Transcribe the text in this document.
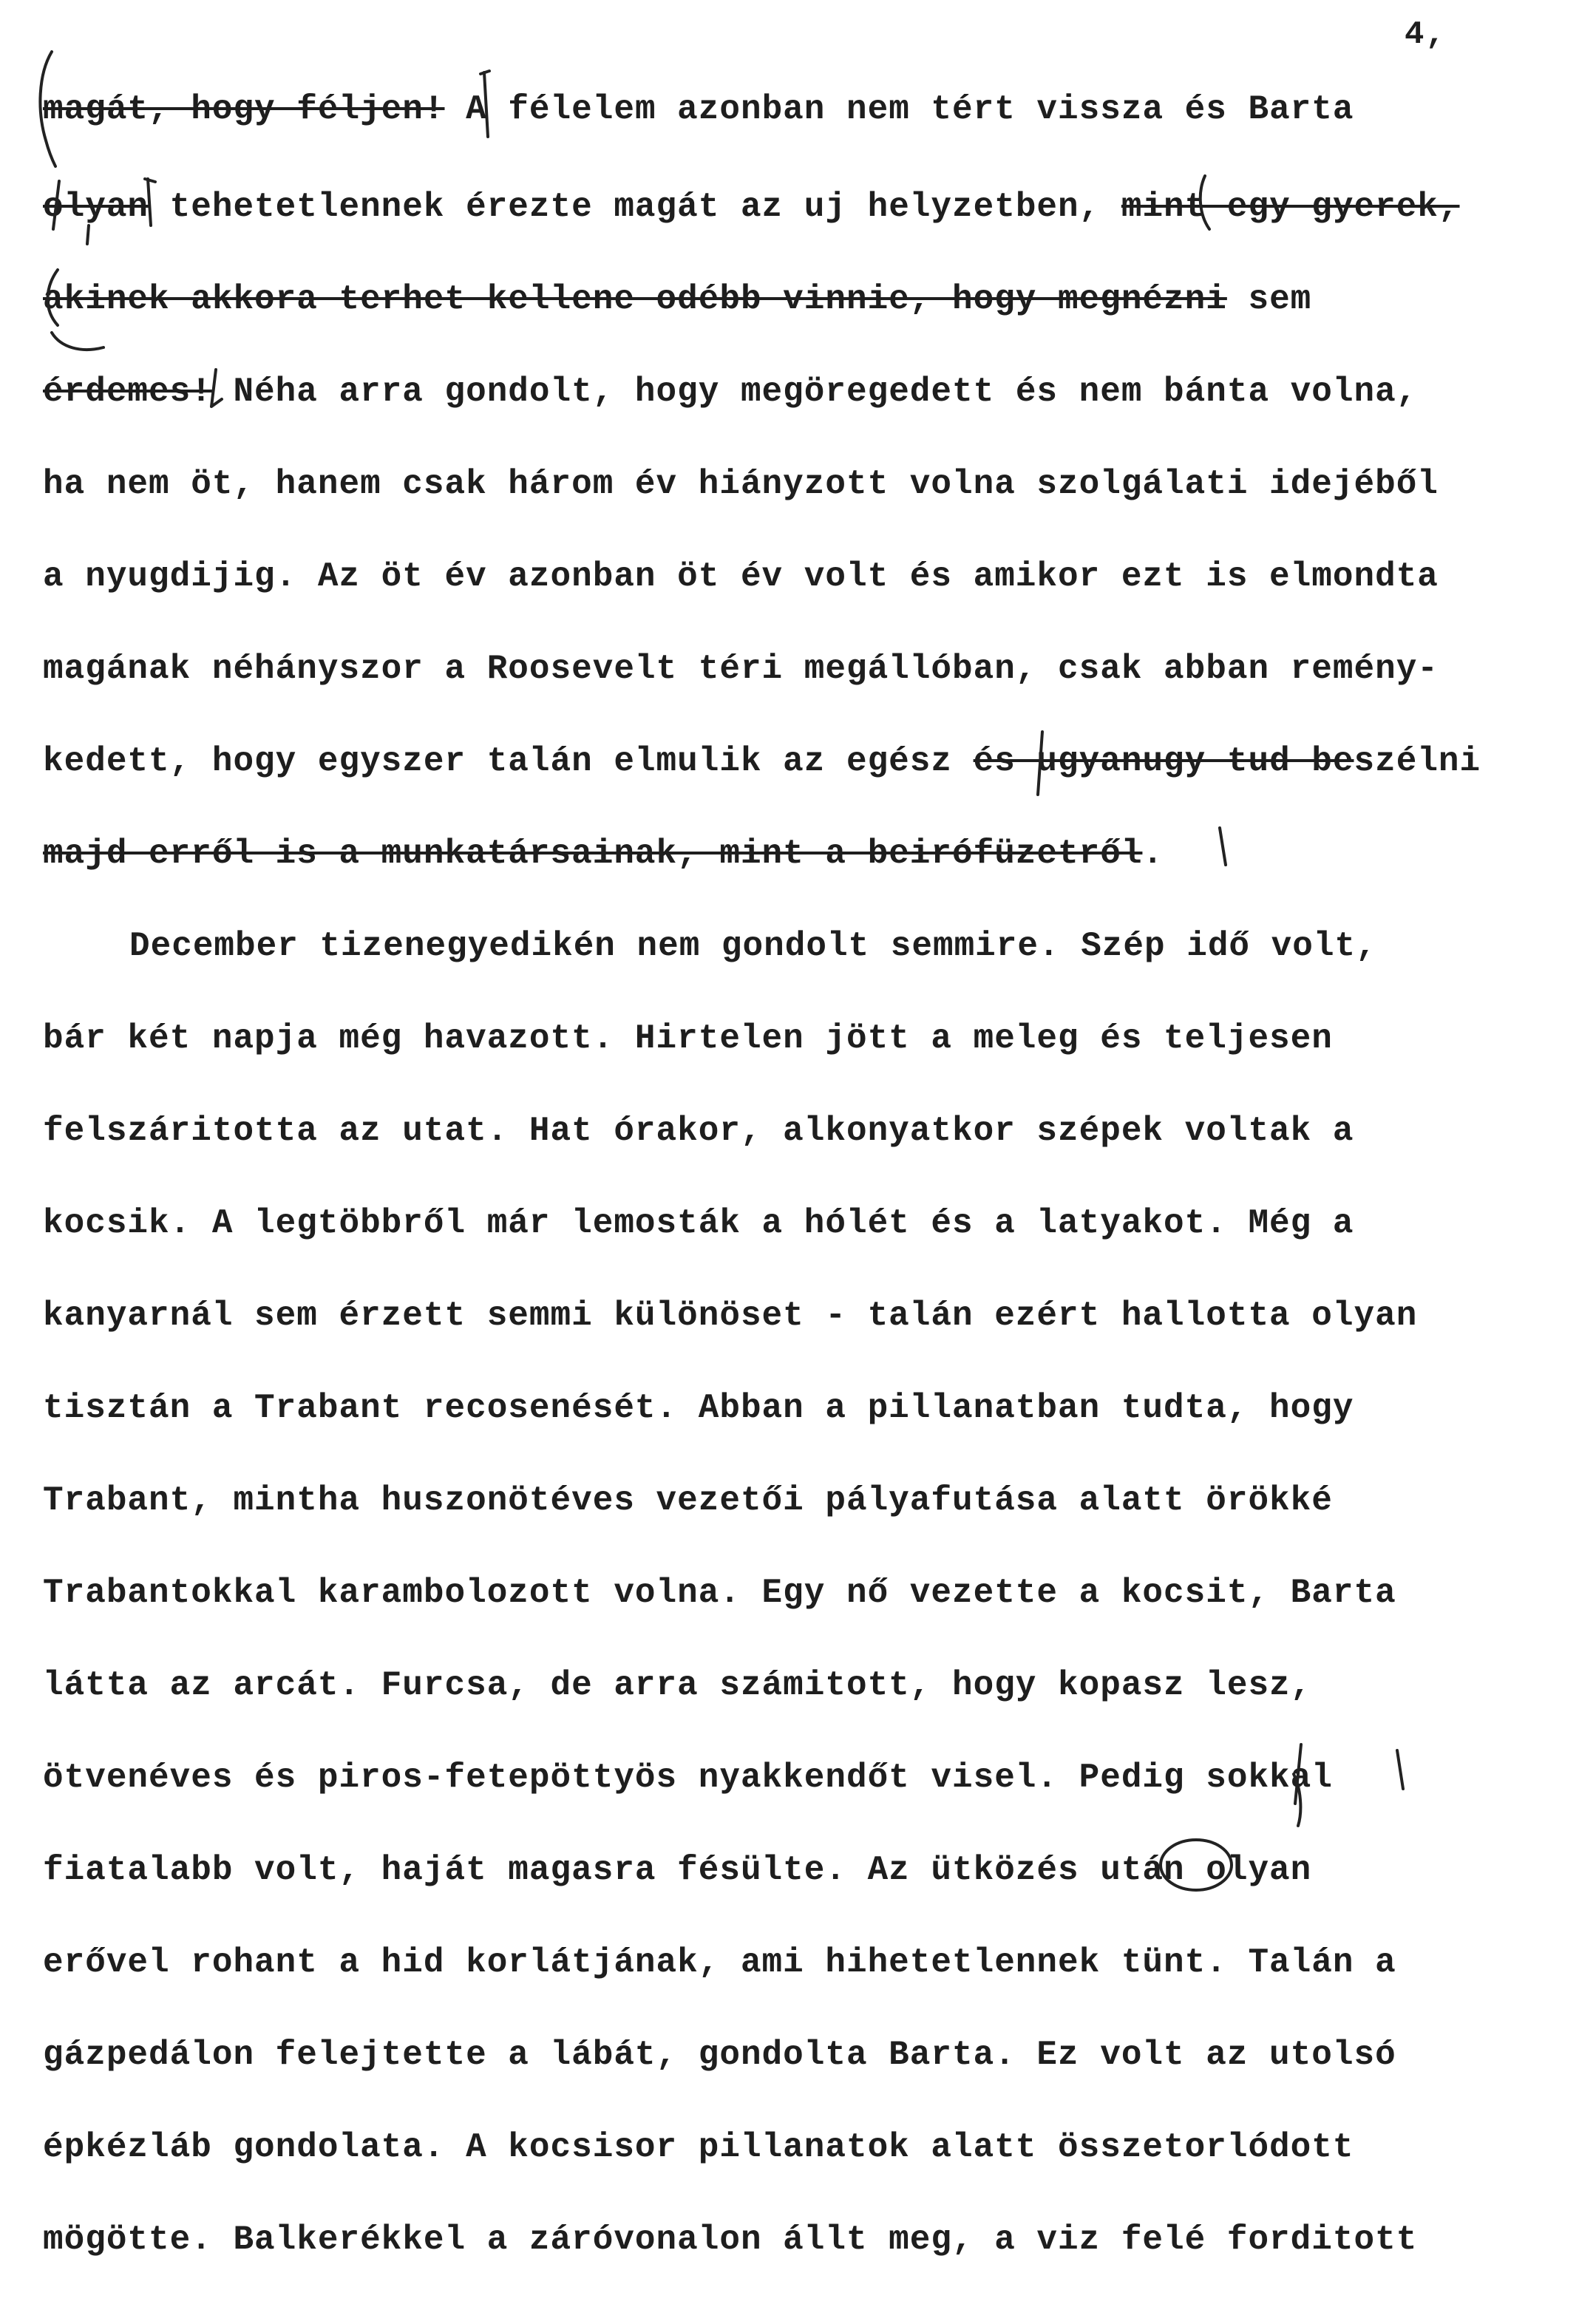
4,
magát, hogy féljen! A félelem azonban nem tért vissza és Barta
olyan tehetetlennek érezte magát az uj helyzetben, mint egy gyerek,
akinek akkora terhet kellene odébb vinnie, hogy megnézni sem
érdemes! Néha arra gondolt, hogy megöregedett és nem bánta volna,
ha nem öt, hanem csak három év hiányzott volna szolgálati idejéből
a nyugdijig. Az öt év azonban öt év volt és amikor ezt is elmondta
magának néhányszor a Roosevelt téri megállóban, csak abban remény-
kedett, hogy egyszer talán elmulik az egész és ugyanugy tud beszélni
majd erről is a munkatársainak, mint a beirófüzetről.
December tizenegyedikén nem gondolt semmire. Szép idő volt,
bár két napja még havazott. Hirtelen jött a meleg és teljesen
felszáritotta az utat. Hat órakor, alkonyatkor szépek voltak a
kocsik. A legtöbbről már lemosták a hólét és a latyakot. Még a
kanyarnál sem érzett semmi különöset - talán ezért hallotta olyan
tisztán a Trabant recosenését. Abban a pillanatban tudta, hogy
Trabant, mintha huszonötéves vezetői pályafutása alatt örökké
Trabantokkal karambolozott volna. Egy nő vezette a kocsit, Barta
látta az arcát. Furcsa, de arra számitott, hogy kopasz lesz,
ötvenéves és piros-fetepöttyös nyakkendőt visel. Pedig sokkal
fiatalabb volt, haját magasra fésülte. Az ütközés után olyan
erővel rohant a hid korlátjának, ami hihetetlennek tünt. Talán a
gázpedálon felejtette a lábát, gondolta Barta. Ez volt az utolsó
épkézláb gondolata. A kocsisor pillanatok alatt összetorlódott
mögötte. Balkerékkel a záróvonalon állt meg, a viz felé forditott
